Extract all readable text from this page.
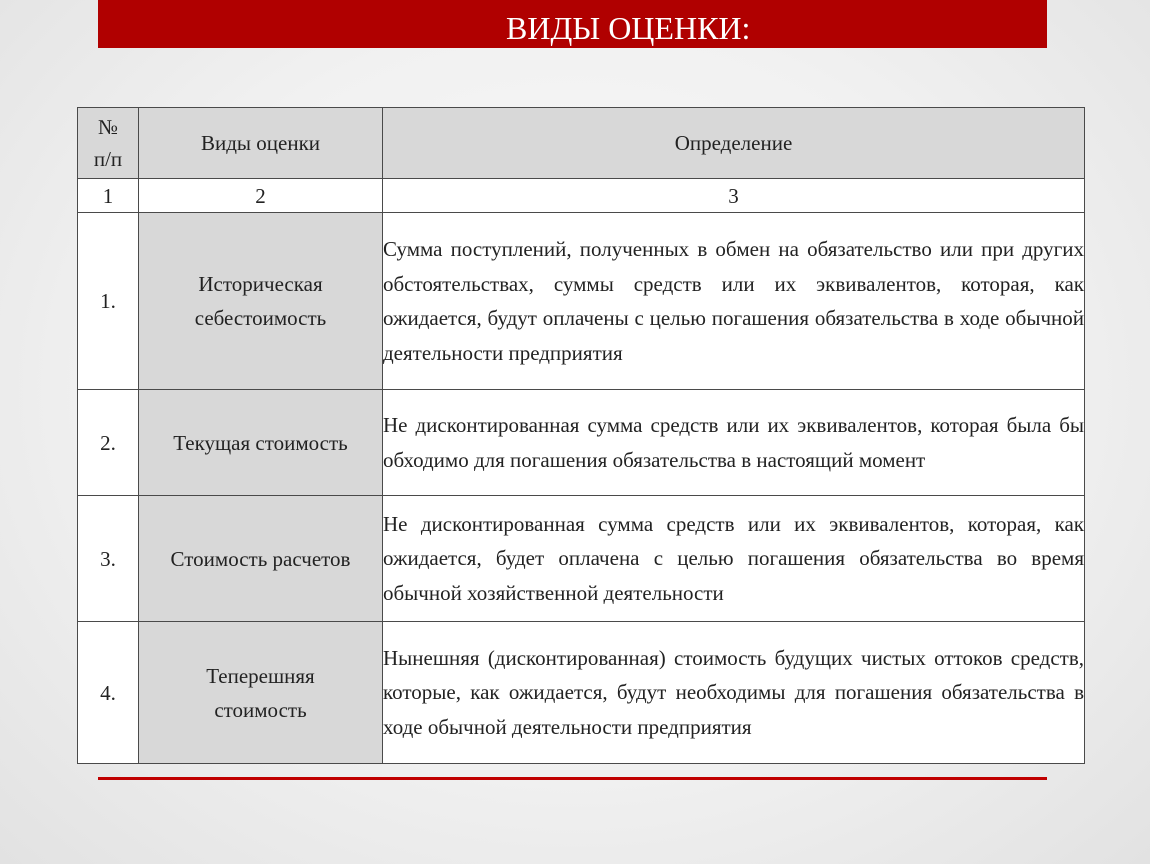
ВИДЫ ОЦЕНКИ:
№ п/п	Виды оценки	Определение
1	2	3
1.	Историческая себестоимость	Сумма поступлений, полученных в обмен на обязательство или при других обстоятельствах, суммы средств или их эквивалентов, которая, как ожидается, будут оплачены с целью погашения обязательства в ходе обычной деятельности предприятия
2.	Текущая стоимость	Не дисконтированная сумма средств или их эквивалентов, которая была бы обходимо для погашения обязательства в настоящий момент
3.	Стоимость расчетов	Не дисконтированная сумма средств или их эквивалентов, которая, как ожидается, будет оплачена с целью погашения обязательства во время обычной хозяйственной деятельности
4.	Теперешняя стоимость	Нынешняя (дисконтированная) стоимость будущих чистых оттоков средств, которые, как ожидается, будут необходимы для погашения обязательства в ходе обычной деятельности предприятия
